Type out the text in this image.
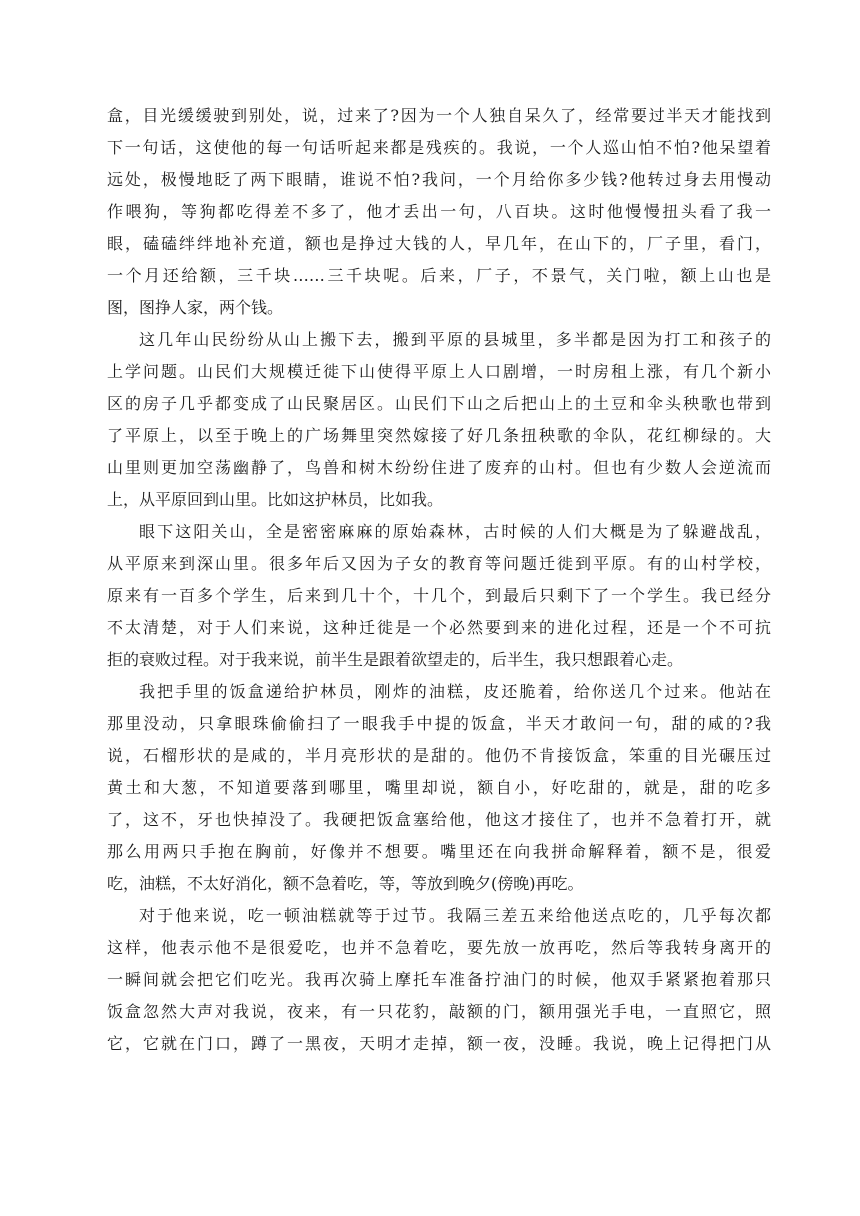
盒，目光缓缓驶到别处，说，过来了?因为一个人独自呆久了，经常要过半天才能找到
下一句话，这使他的每一句话听起来都是残疾的。我说，一个人巡山怕不怕?他呆望着
远处，极慢地眨了两下眼睛，谁说不怕?我问，一个月给你多少钱?他转过身去用慢动
作喂狗，等狗都吃得差不多了，他才丢出一句，八百块。这时他慢慢扭头看了我一
眼，磕磕绊绊地补充道，额也是挣过大钱的人，早几年，在山下的，厂子里，看门，
一个月还给额，三千块……三千块呢。后来，厂子，不景气，关门啦，额上山也是
图，图挣人家，两个钱。
这几年山民纷纷从山上搬下去，搬到平原的县城里，多半都是因为打工和孩子的
上学问题。山民们大规模迁徙下山使得平原上人口剧增，一时房租上涨，有几个新小
区的房子几乎都变成了山民聚居区。山民们下山之后把山上的土豆和伞头秧歌也带到
了平原上，以至于晚上的广场舞里突然嫁接了好几条扭秧歌的伞队，花红柳绿的。大
山里则更加空荡幽静了，鸟兽和树木纷纷住进了废弃的山村。但也有少数人会逆流而
上，从平原回到山里。比如这护林员，比如我。
眼下这阳关山，全是密密麻麻的原始森林，古时候的人们大概是为了躲避战乱，
从平原来到深山里。很多年后又因为子女的教育等问题迁徙到平原。有的山村学校，
原来有一百多个学生，后来到几十个，十几个，到最后只剩下了一个学生。我已经分
不太清楚，对于人们来说，这种迁徙是一个必然要到来的进化过程，还是一个不可抗
拒的衰败过程。对于我来说，前半生是跟着欲望走的，后半生，我只想跟着心走。
我把手里的饭盒递给护林员，刚炸的油糕，皮还脆着，给你送几个过来。他站在
那里没动，只拿眼珠偷偷扫了一眼我手中提的饭盒，半天才敢问一句，甜的咸的?我
说，石榴形状的是咸的，半月亮形状的是甜的。他仍不肯接饭盒，笨重的目光碾压过
黄土和大葱，不知道要落到哪里，嘴里却说，额自小，好吃甜的，就是，甜的吃多
了，这不，牙也快掉没了。我硬把饭盒塞给他，他这才接住了，也并不急着打开，就
那么用两只手抱在胸前，好像并不想要。嘴里还在向我拼命解释着，额不是，很爱
吃，油糕，不太好消化，额不急着吃，等，等放到晚夕(傍晚)再吃。
对于他来说，吃一顿油糕就等于过节。我隔三差五来给他送点吃的，几乎每次都
这样，他表示他不是很爱吃，也并不急着吃，要先放一放再吃，然后等我转身离开的
一瞬间就会把它们吃光。我再次骑上摩托车准备拧油门的时候，他双手紧紧抱着那只
饭盒忽然大声对我说，夜来，有一只花豹，敲额的门，额用强光手电，一直照它，照
它，它就在门口，蹲了一黑夜，天明才走掉，额一夜，没睡。我说，晚上记得把门从
